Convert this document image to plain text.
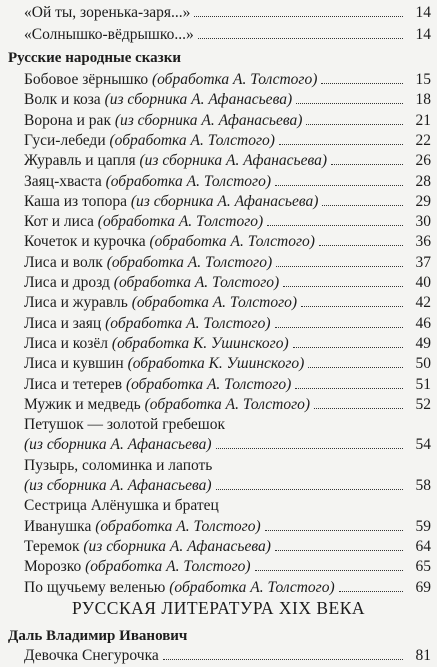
«Ой ты, зоренька-заря...»	14
«Солнышко-вёдрышко...»	14
Русские народные сказки
Бобовое зёрнышко (обработка А. Толстого)	15
Волк и коза (из сборника А. Афанасьева)	18
Ворона и рак (из сборника А. Афанасьева)	21
Гуси-лебеди (обработка А. Толстого)	22
Журавль и цапля (из сборника А. Афанасьева)	26
Заяц-хваста (обработка А. Толстого)	28
Каша из топора (из сборника А. Афанасьева)	29
Кот и лиса (обработка А. Толстого)	30
Кочеток и курочка (обработка А. Толстого)	36
Лиса и волк (обработка А. Толстого)	37
Лиса и дрозд (обработка А. Толстого)	40
Лиса и журавль (обработка А. Толстого)	42
Лиса и заяц (обработка А. Толстого)	46
Лиса и козёл (обработка К. Ушинского)	49
Лиса и кувшин (обработка К. Ушинского)	50
Лиса и тетерев (обработка А. Толстого)	51
Мужик и медведь (обработка А. Толстого)	52
Петушок — золотой гребешок
(из сборника А. Афанасьева)	54
Пузырь, соломинка и лапоть
(из сборника А. Афанасьева)	58
Сестрица Алёнушка и братец
Иванушка (обработка А. Толстого)	59
Теремок (из сборника А. Афанасьева)	64
Морозко (обработка А. Толстого)	65
По щучьему веленью (обработка А. Толстого)	69
РУССКАЯ ЛИТЕРАТУРА XIX ВЕКА
Даль Владимир Иванович
Девочка Снегурочка	81
